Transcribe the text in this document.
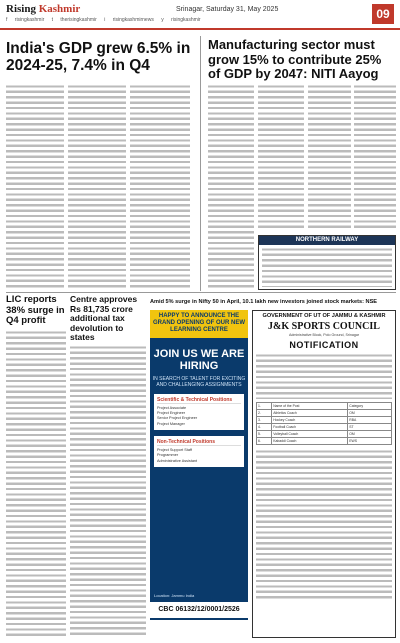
Rising Kashmir
f risingkashmir t therisingkashmir i risingkashmirnews y risingkashmir
Srinagar, Saturday 31, May 2025	09
India's GDP grew 6.5% in 2024-25, 7.4% in Q4
Manufacturing sector must grow 15% to contribute 25% of GDP by 2047: NITI Aayog
NORTHERN RAILWAY
LIC reports 38% surge in Q4 profit
Centre approves Rs 81,735 crore additional tax devolution to states
Amid 5% surge in Nifty 50 in April, 10.1 lakh new investors joined stock markets: NSE
HAPPY TO ANNOUNCE THE GRAND OPENING OF OUR NEW LEARNING CENTRE
JOIN US WE ARE HIRING
IN SEARCH OF TALENT FOR EXCITING AND CHALLENGING ASSIGNMENTS
Scientific & Technical Positions
Project Associate
Project Engineer
Senior Project Engineer
Project Manager
Non-Technical Positions
Project Support Staff
Programmer
Administrative Assistant
Location: Jammu India
CBC 06132/12/0001/2526
GOVERNMENT OF UT OF JAMMU & KASHMIR
J&K SPORTS COUNCIL
Administrative Block, Polo Ground, Srinagar
NOTIFICATION
1.	Name of the Post	Category
2.	Athletics Coach	OM
3.	Hockey Coach	RBA
4.	Football Coach	ST
5.	Volleyball Coach	OM
6.	Kabaddi Coach	EWS
